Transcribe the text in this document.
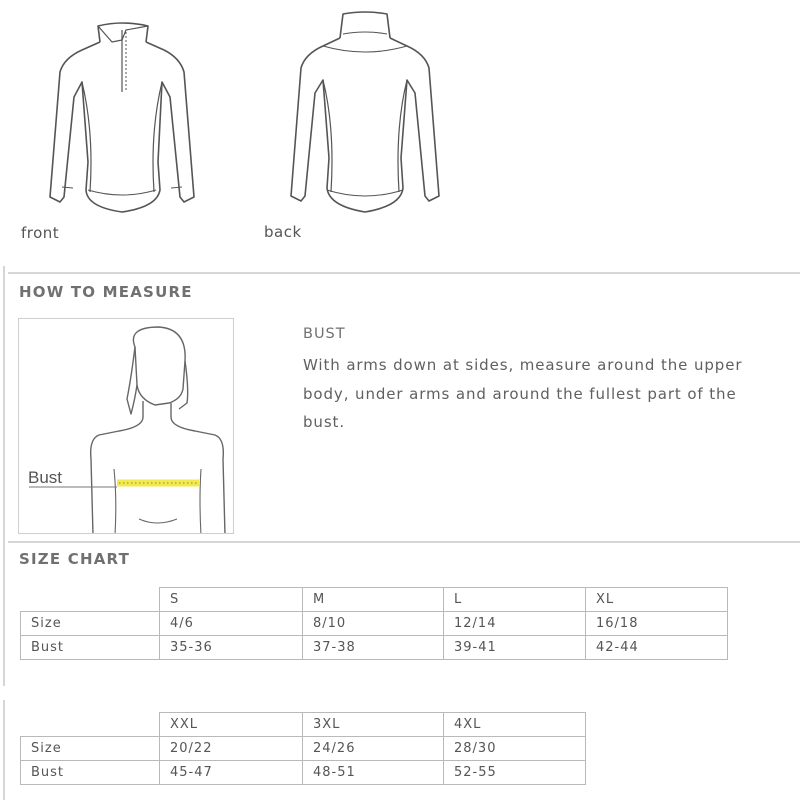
front	back
HOW TO MEASURE
Bust
BUST
With arms down at sides, measure around the upper body, under arms and around the fullest part of the bust.
SIZE CHART
	S	M	L	XL
Size	4/6	8/10	12/14	16/18
Bust	35-36	37-38	39-41	42-44
	XXL	3XL	4XL
Size	20/22	24/26	28/30
Bust	45-47	48-51	52-55
